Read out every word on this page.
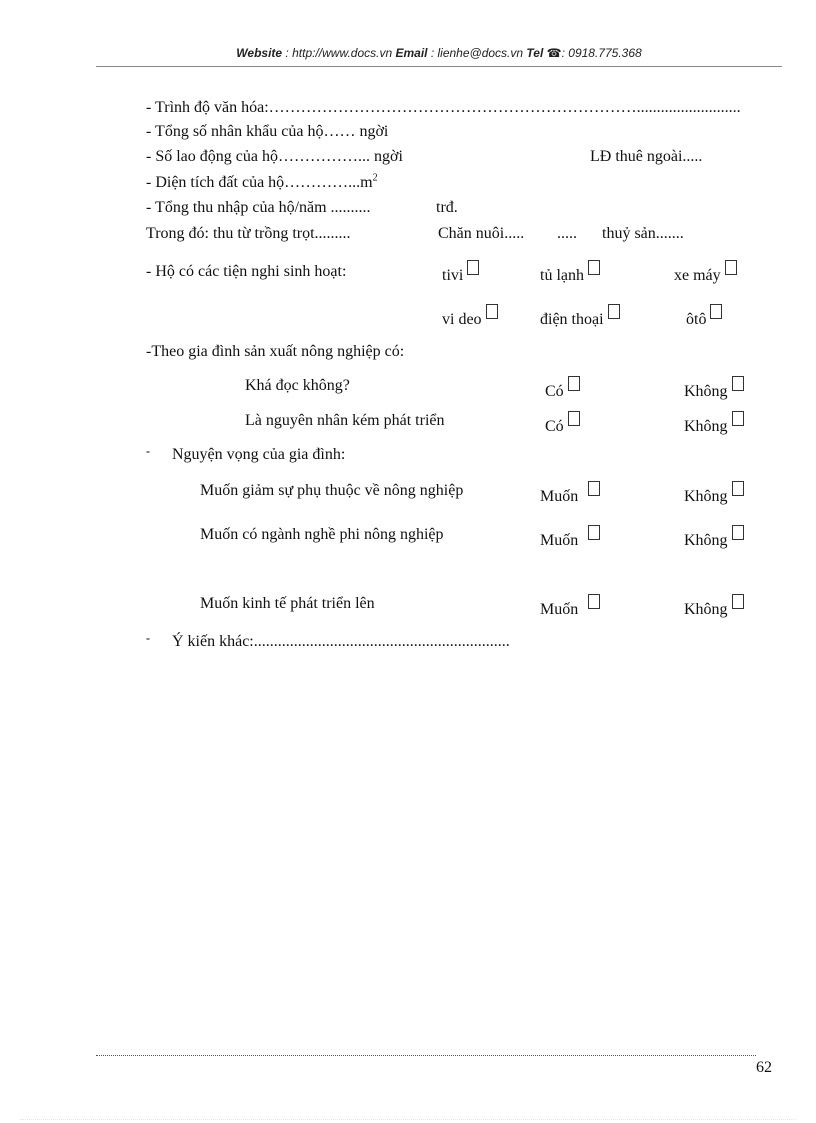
Website : http://www.docs.vn Email : lienhe@docs.vn Tel ☎: 0918.775.368
- Trình độ văn hóa:……………………………………………………………..........................
- Tổng số nhân khẩu của hộ…… ngời
- Số lao động của hộ……………... ngời	LĐ thuê ngoài.....
- Diện tích đất của $hộ\dots\dots\dots\dots...m^2$
- Tổng thu nhập của hộ/năm ..........	trđ.
Trong đó: thu từ trồng trọt.........	Chăn nuôi..... ..... thuỷ sản.......
- Hộ có các tiện nghi sinh hoạt:	tivi	tủ lạnh	xe máy
vi deo	điện thoại	ôtô
-Theo gia đình sản xuất nông nghiệp có:
Khá đọc không?	Có	Không
Là nguyên nhân kém phát triển	Có	Không
- Nguyện vọng của gia đình:
Muốn giảm sự phụ thuộc về nông nghiệp	Muốn	Không
Muốn có ngành nghề phi nông nghiệp	Muốn	Không
Muốn kinh tế phát triển lên	Muốn	Không
- Ý kiến khác:................................................................
62
